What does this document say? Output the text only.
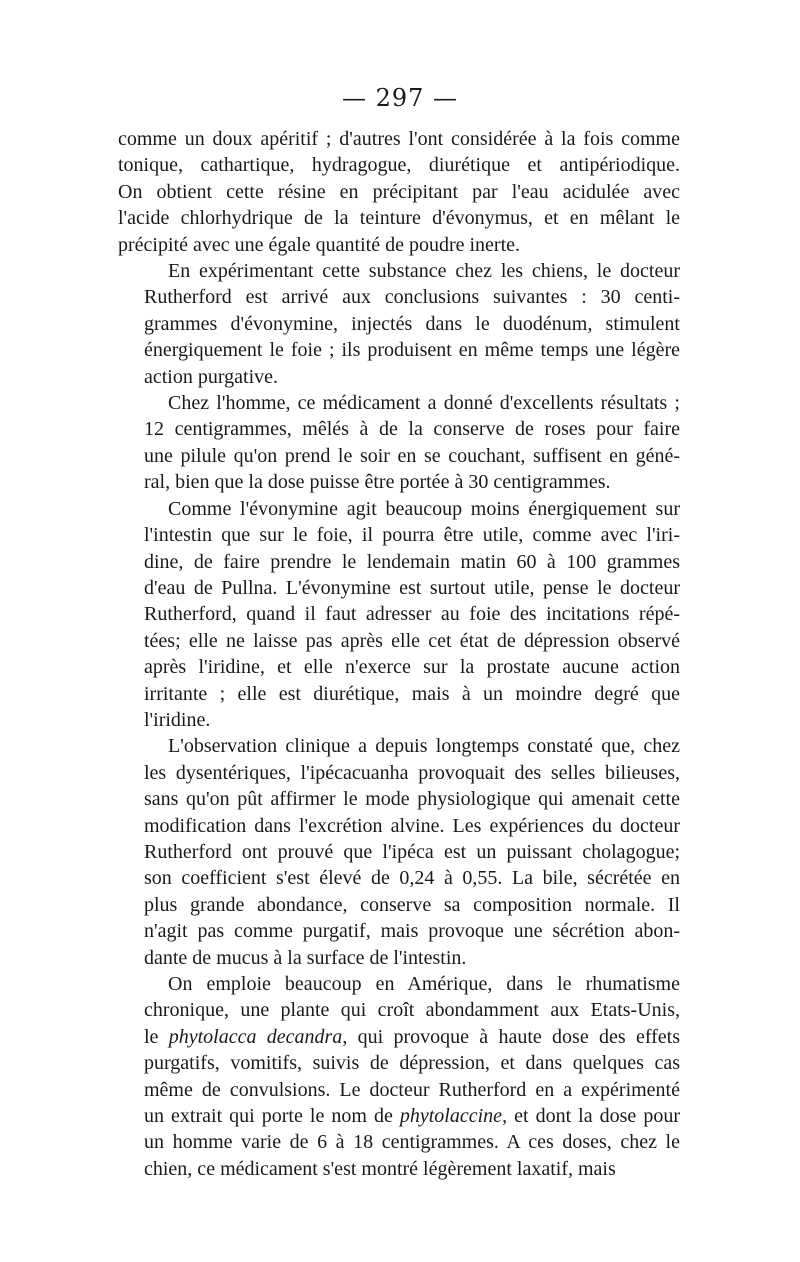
— 297 —
comme un doux apéritif ; d'autres l'ont considérée à la fois comme
tonique, cathartique, hydragogue, diurétique et antipériodique.
On obtient cette résine en précipitant par l'eau acidulée avec
l'acide chlorhydrique de la teinture d'évonymus, et en mêlant le
précipité avec une égale quantité de poudre inerte.
En expérimentant cette substance chez les chiens, le docteur
Rutherford est arrivé aux conclusions suivantes : 30 centi-
grammes d'évonymine, injectés dans le duodénum, stimulent
énergiquement le foie ; ils produisent en même temps une légère
action purgative.
Chez l'homme, ce médicament a donné d'excellents résultats ;
12 centigrammes, mêlés à de la conserve de roses pour faire
une pilule qu'on prend le soir en se couchant, suffisent en géné-
ral, bien que la dose puisse être portée à 30 centigrammes.
Comme l'évonymine agit beaucoup moins énergiquement sur
l'intestin que sur le foie, il pourra être utile, comme avec l'iri-
dine, de faire prendre le lendemain matin 60 à 100 grammes
d'eau de Pullna. L'évonymine est surtout utile, pense le docteur
Rutherford, quand il faut adresser au foie des incitations répé-
tées; elle ne laisse pas après elle cet état de dépression observé
après l'iridine, et elle n'exerce sur la prostate aucune action
irritante ; elle est diurétique, mais à un moindre degré que
l'iridine.
L'observation clinique a depuis longtemps constaté que, chez
les dysentériques, l'ipécacuanha provoquait des selles bilieuses,
sans qu'on pût affirmer le mode physiologique qui amenait cette
modification dans l'excrétion alvine. Les expériences du docteur
Rutherford ont prouvé que l'ipéca est un puissant cholagogue;
son coefficient s'est élevé de 0,24 à 0,55. La bile, sécrétée en
plus grande abondance, conserve sa composition normale. Il
n'agit pas comme purgatif, mais provoque une sécrétion abon-
dante de mucus à la surface de l'intestin.
On emploie beaucoup en Amérique, dans le rhumatisme
chronique, une plante qui croît abondamment aux Etats-Unis,
le phytolacca decandra, qui provoque à haute dose des effets
purgatifs, vomitifs, suivis de dépression, et dans quelques cas
même de convulsions. Le docteur Rutherford en a expérimenté
un extrait qui porte le nom de phytolaccine, et dont la dose pour
un homme varie de 6 à 18 centigrammes. A ces doses, chez le
chien, ce médicament s'est montré légèrement laxatif, mais
